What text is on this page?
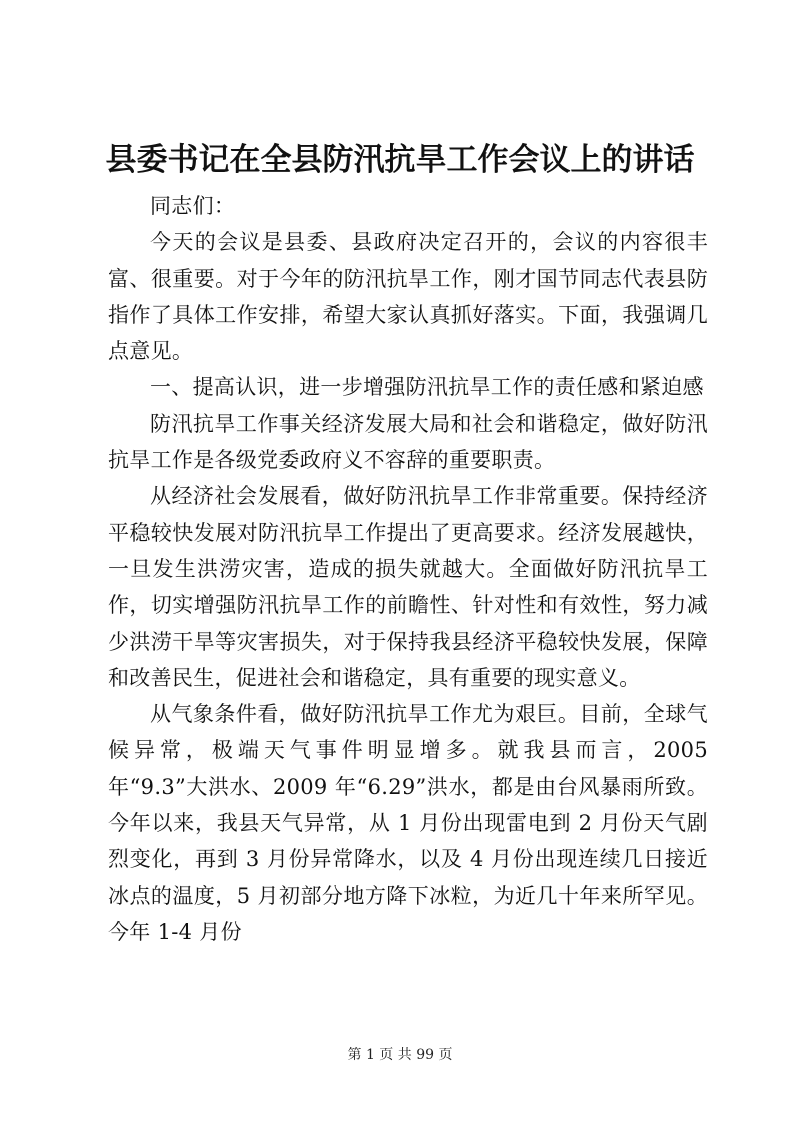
县委书记在全县防汛抗旱工作会议上的讲话

同志们：

今天的会议是县委、县政府决定召开的，会议的内容很丰富、很重要。对于今年的防汛抗旱工作，刚才国节同志代表县防指作了具体工作安排，希望大家认真抓好落实。下面，我强调几点意见。

一、提高认识，进一步增强防汛抗旱工作的责任感和紧迫感

防汛抗旱工作事关经济发展大局和社会和谐稳定，做好防汛抗旱工作是各级党委政府义不容辞的重要职责。

从经济社会发展看，做好防汛抗旱工作非常重要。保持经济平稳较快发展对防汛抗旱工作提出了更高要求。经济发展越快，一旦发生洪涝灾害，造成的损失就越大。全面做好防汛抗旱工作，切实增强防汛抗旱工作的前瞻性、针对性和有效性，努力减少洪涝干旱等灾害损失，对于保持我县经济平稳较快发展，保障和改善民生，促进社会和谐稳定，具有重要的现实意义。

从气象条件看，做好防汛抗旱工作尤为艰巨。目前，全球气候异常，极端天气事件明显增多。就我县而言，2005 年“9.3”大洪水、2009 年“6.29”洪水，都是由台风暴雨所致。今年以来，我县天气异常，从 1 月份出现雷电到 2 月份天气剧烈变化，再到 3 月份异常降水，以及 4 月份出现连续几日接近冰点的温度，5 月初部分地方降下冰粒，为近几十年来所罕见。今年 1-4 月份

第 1 页 共 99 页
